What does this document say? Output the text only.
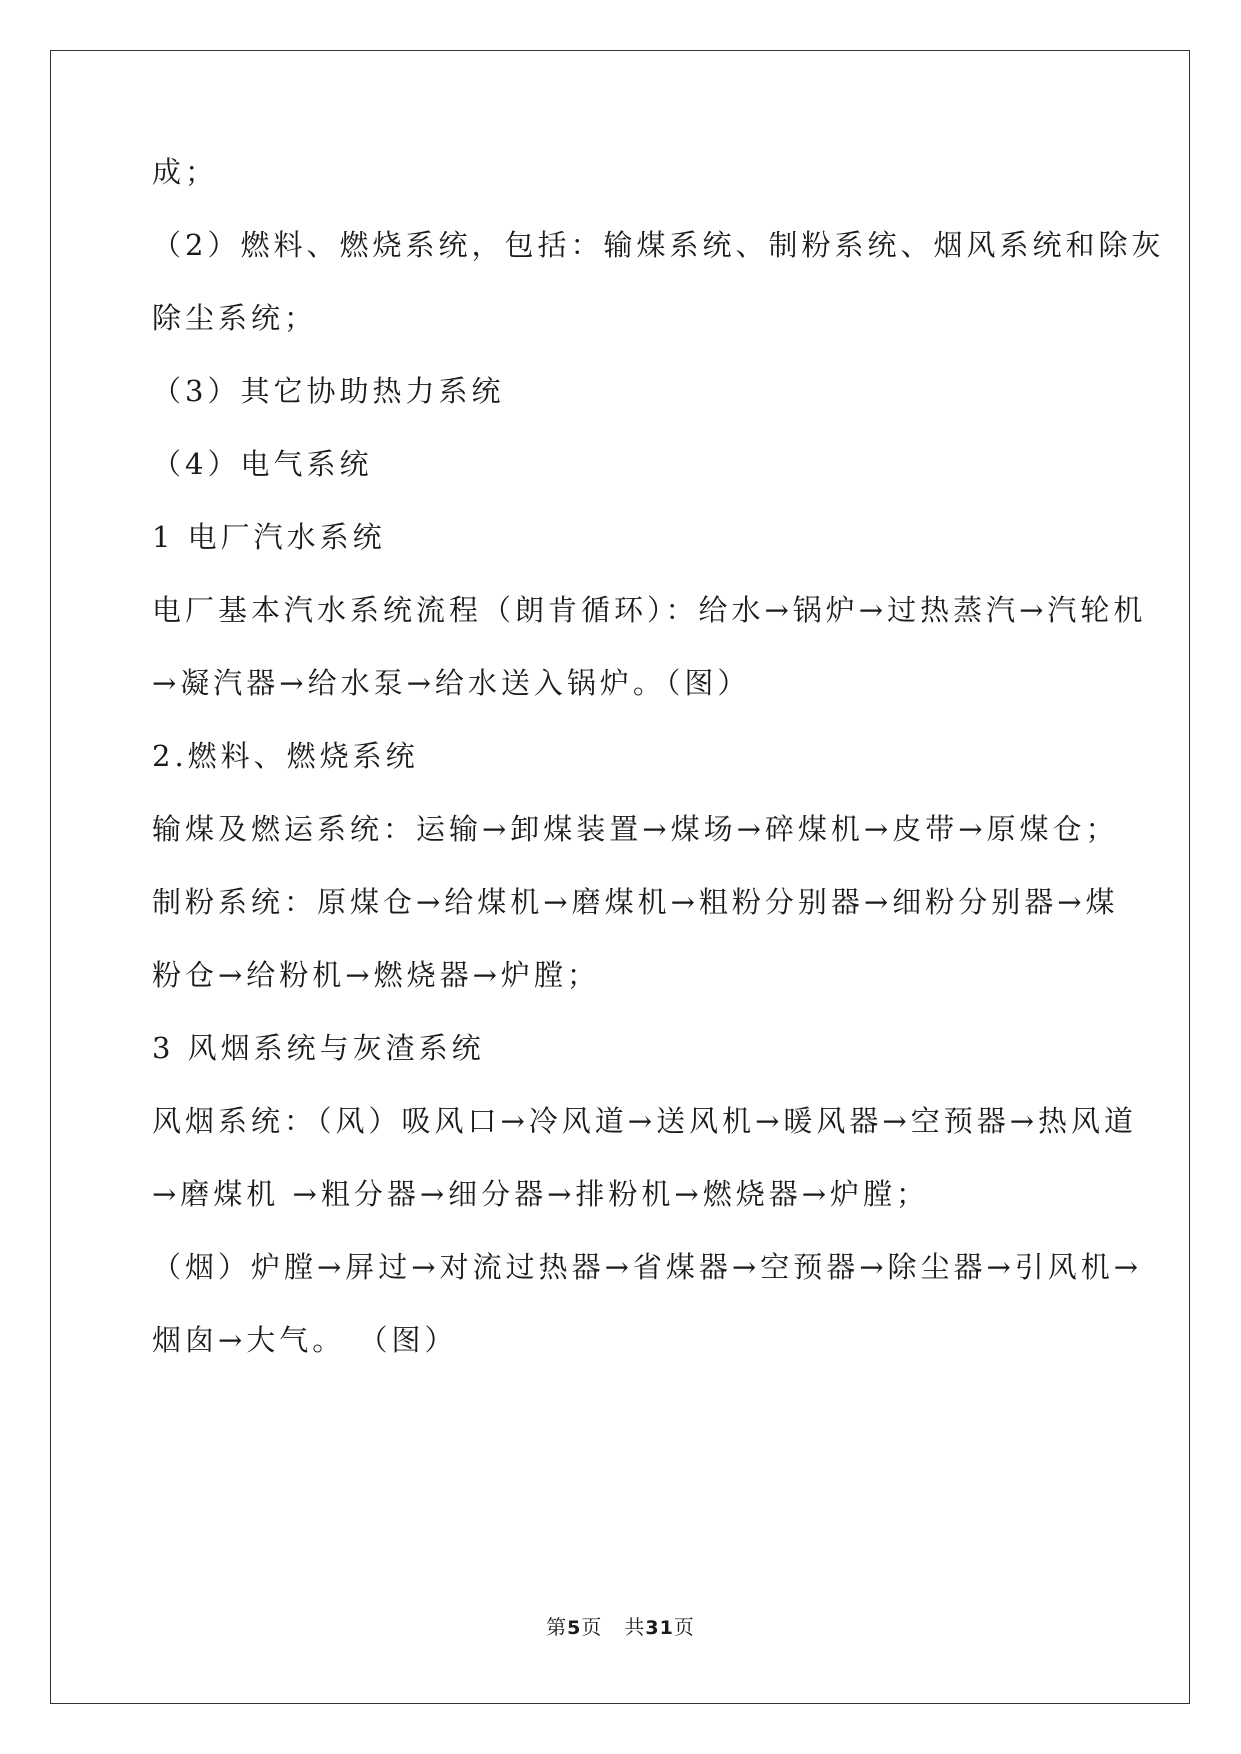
成；

（2）燃料、燃烧系统，包括：输煤系统、制粉系统、烟风系统和除灰

除尘系统；

（3）其它协助热力系统

（4）电气系统

1 电厂汽水系统

电厂基本汽水系统流程（朗肯循环）：给水→锅炉→过热蒸汽→汽轮机

→凝汽器→给水泵→给水送入锅炉。（图）

2.燃料、燃烧系统

输煤及燃运系统：运输→卸煤装置→煤场→碎煤机→皮带→原煤仓；

制粉系统：原煤仓→给煤机→磨煤机→粗粉分别器→细粉分别器→煤

粉仓→给粉机→燃烧器→炉膛；

3 风烟系统与灰渣系统

风烟系统：（风）吸风口→冷风道→送风机→暖风器→空预器→热风道

→磨煤机 →粗分器→细分器→排粉机→燃烧器→炉膛；

（烟）炉膛→屏过→对流过热器→省煤器→空预器→除尘器→引风机→

烟囱→大气。 （图）

第5页 共31页
